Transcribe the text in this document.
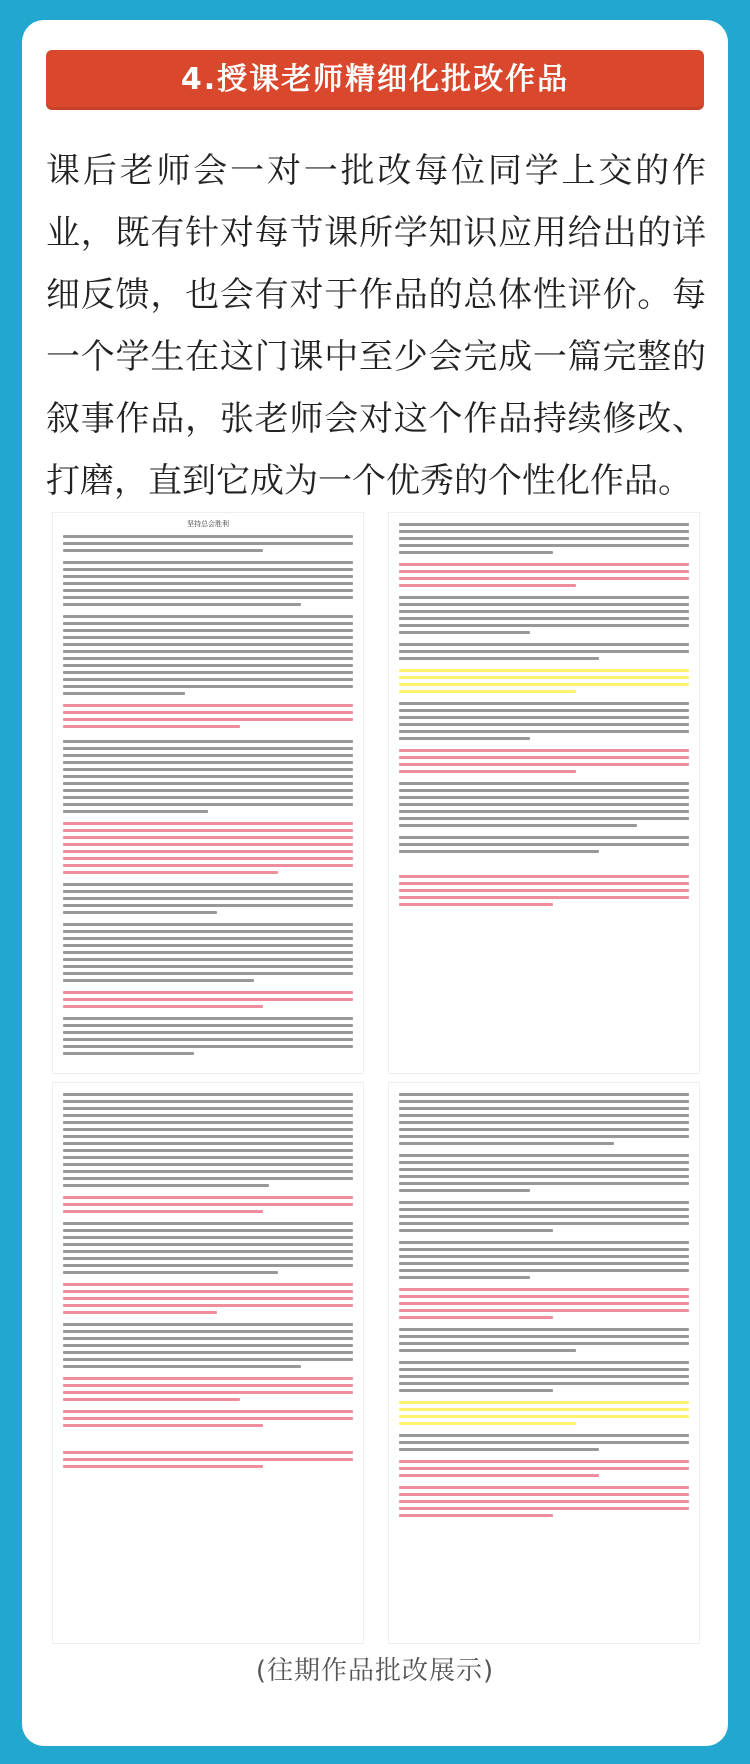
4.授课老师精细化批改作品
课后老师会一对一批改每位同学上交的作业，既有针对每节课所学知识应用给出的详细反馈，也会有对于作品的总体性评价。每一个学生在这门课中至少会完成一篇完整的叙事作品，张老师会对这个作品持续修改、打磨，直到它成为一个优秀的个性化作品。
坚持总会胜利
(往期作品批改展示)
